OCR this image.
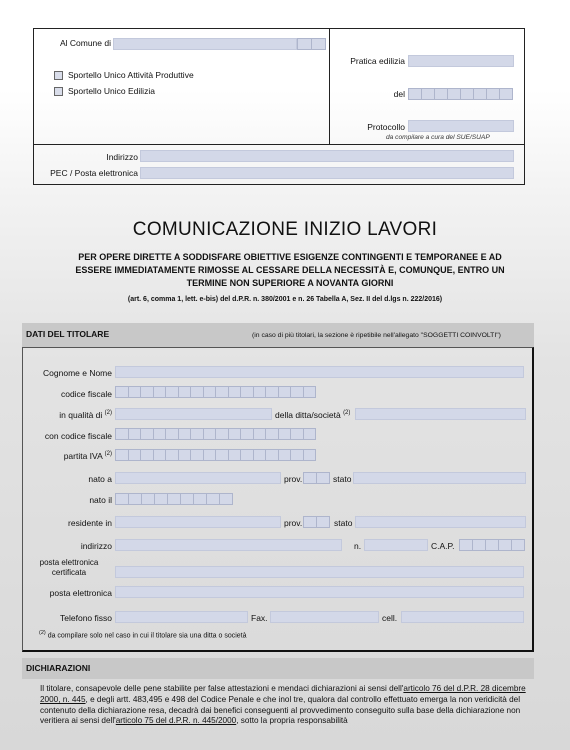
Al Comune di
Sportello Unico Attività Produttive
Sportello Unico Edilizia
Pratica edilizia
del
Protocollo
da compilare a cura del SUE/SUAP
Indirizzo
PEC / Posta elettronica
COMUNICAZIONE INIZIO LAVORI
PER OPERE DIRETTE A SODDISFARE OBIETTIVE ESIGENZE CONTINGENTI E TEMPORANEE E AD
ESSERE IMMEDIATAMENTE RIMOSSE AL CESSARE DELLA NECESSITÀ E, COMUNQUE, ENTRO UN
TERMINE NON SUPERIORE A NOVANTA GIORNI
(art. 6, comma 1, lett. e-bis) del d.P.R. n. 380/2001 e n. 26 Tabella A, Sez. II del d.lgs n. 222/2016)
DATI DEL TITOLARE	(in caso di più titolari, la sezione è ripetibile nell'allegato "SOGGETTI COINVOLTI")
Cognome e Nome
codice fiscale
in qualità di $^{(2)}$	della ditta/società $^{(2)}$
con codice fiscale
partita IVA $^{(2)}$
nato a	prov.	stato
nato il
residente in	prov.	stato
indirizzo	n.	C.A.P.
posta elettronica
certificata
posta elettronica
Telefono fisso	Fax.	cell.
$^{(2)}$ da compilare solo nel caso in cui il titolare sia una ditta o società
DICHIARAZIONI
Il titolare, consapevole delle pene stabilite per false attestazioni e mendaci dichiarazioni ai sensi dell'articolo 76 del d.P.R. 28 dicembre 2000, n. 445, e degli artt. 483,495 e 498 del Codice Penale e che inol tre, qualora dal controllo effettuato emerga la non veridicità del contenuto della dichiarazione resa, decadrà dai benefici conseguenti al provvedimento conseguito sulla base della dichiarazione non veritiera ai sensi dell'articolo 75 del d.P.R. n. 445/2000, sotto la propria responsabilità
